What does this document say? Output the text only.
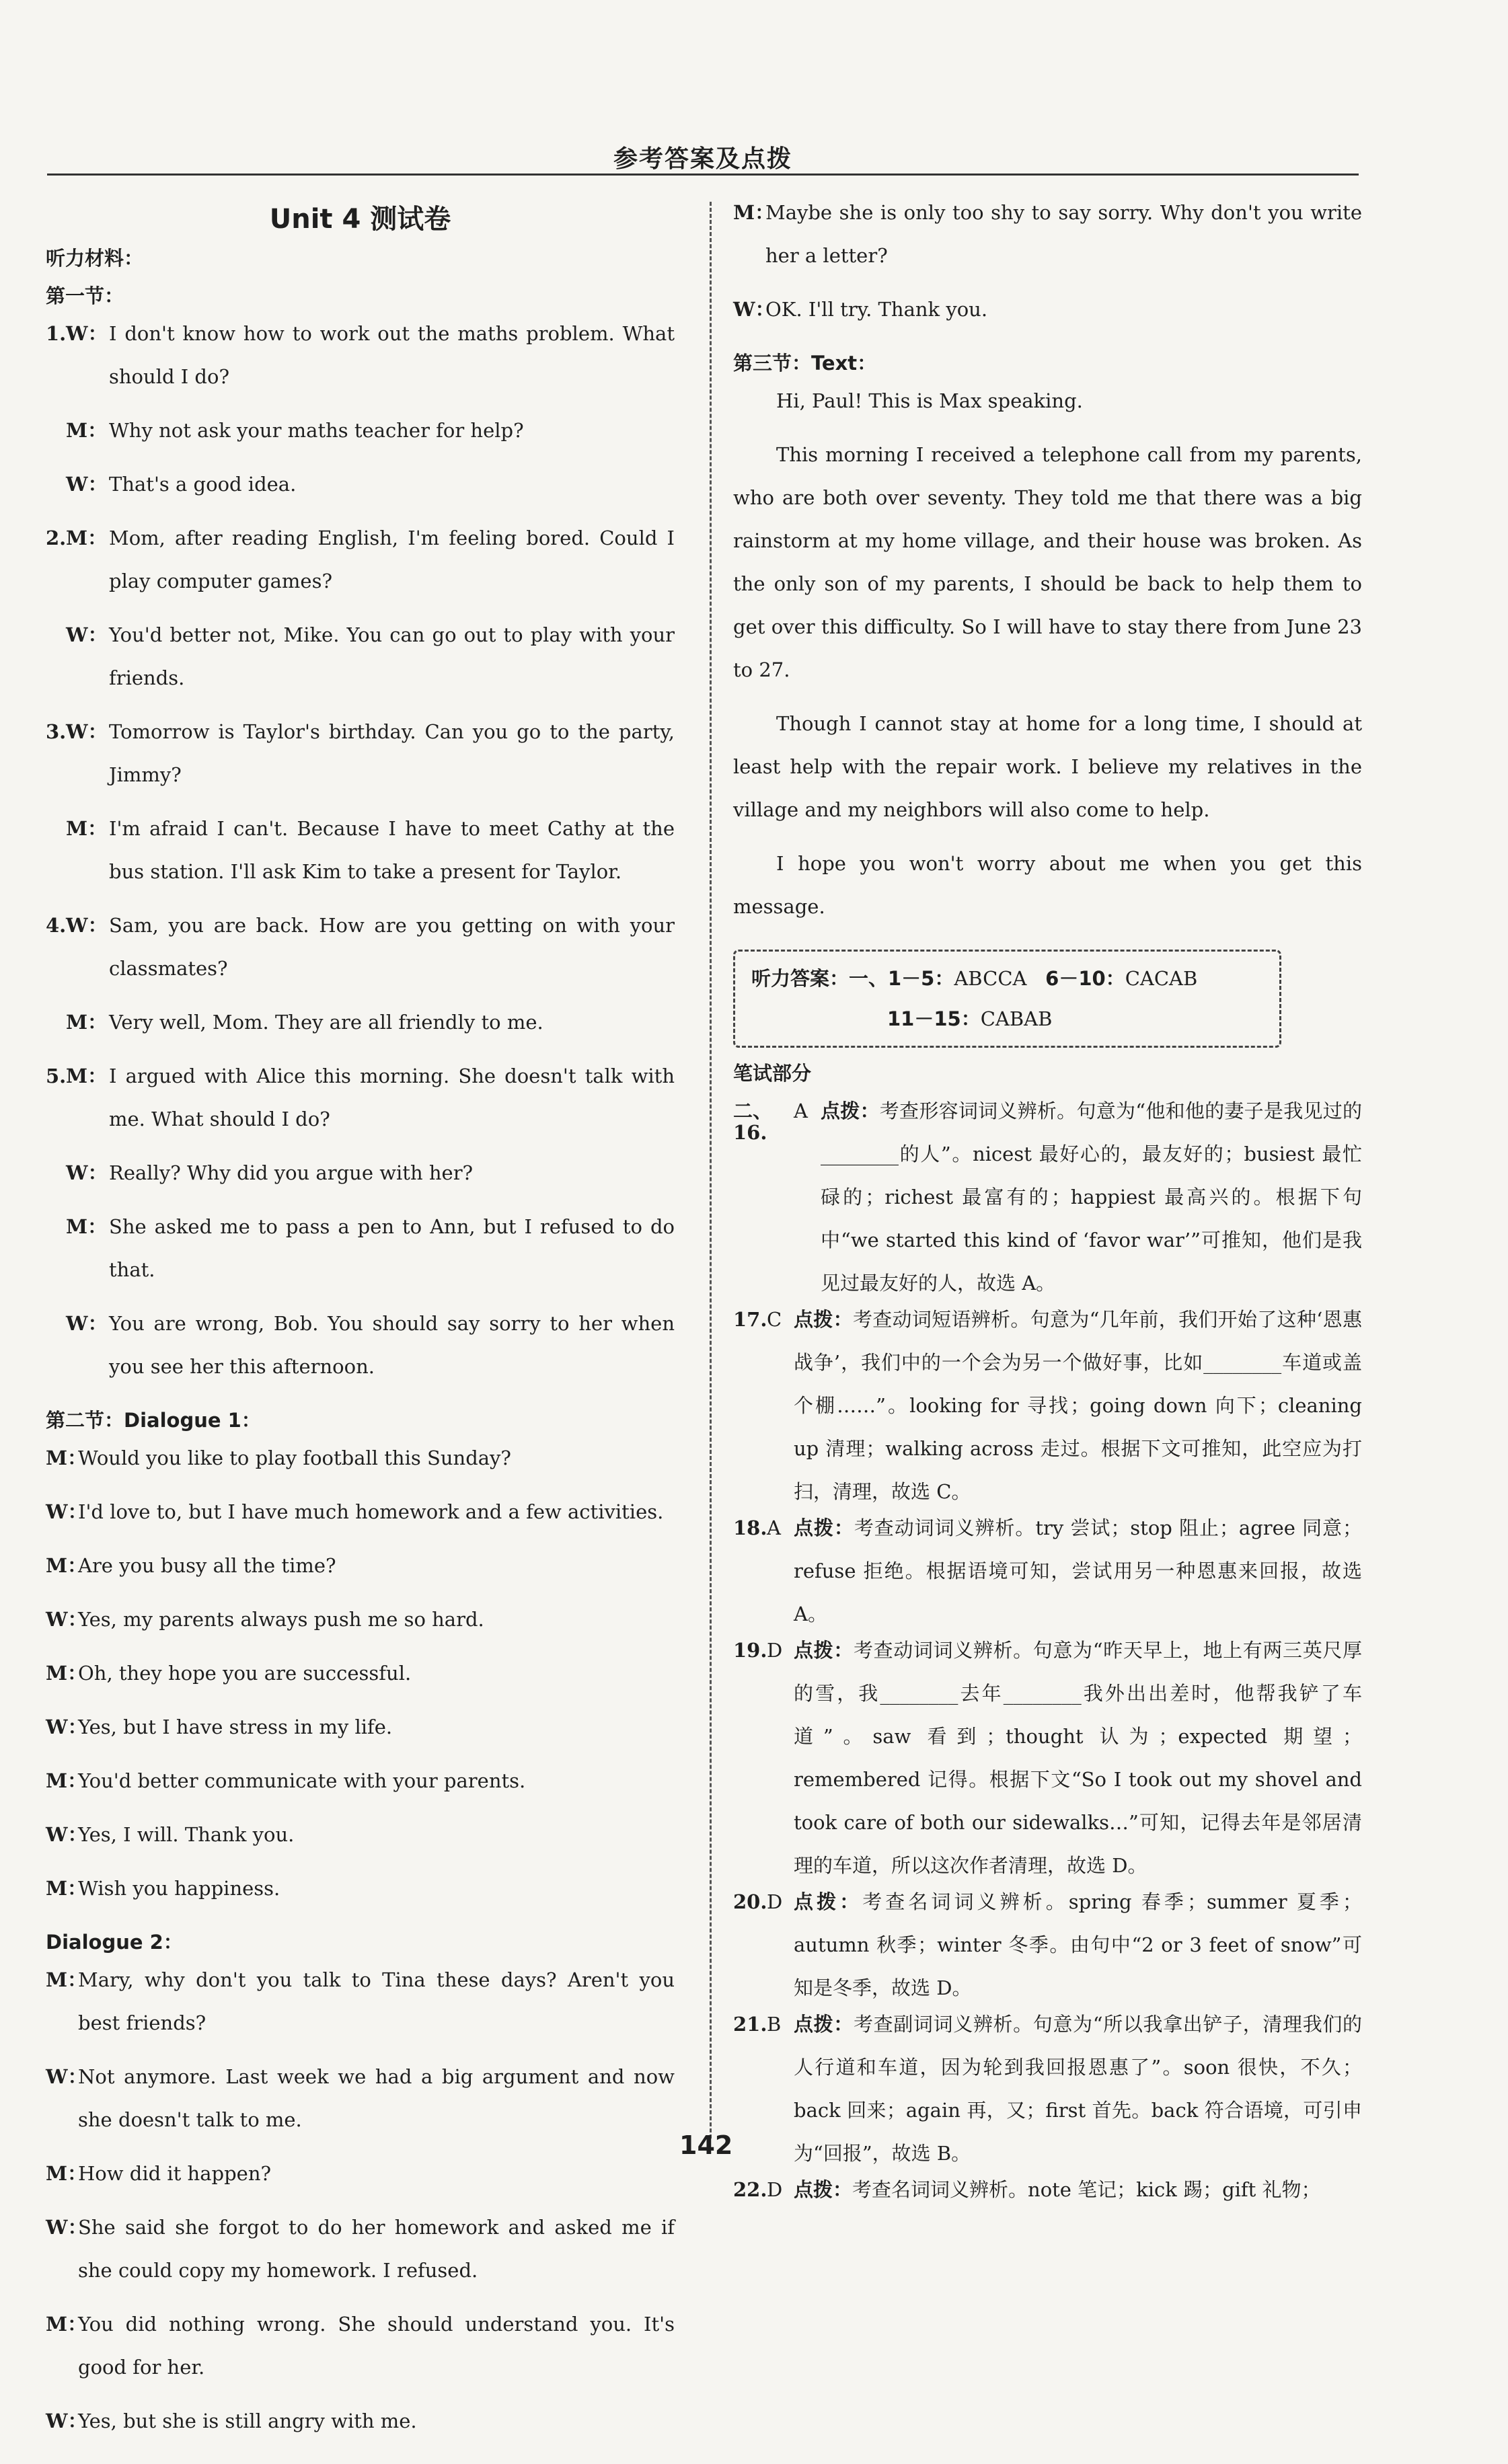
参考答案及点拨
Unit 4 测试卷
听力材料：
第一节：
1. W： I don't know how to work out the maths problem. What should I do?
M： Why not ask your maths teacher for help?
W： That's a good idea.
2. M： Mom, after reading English, I'm feeling bored. Could I play computer games?
W： You'd better not, Mike. You can go out to play with your friends.
3. W： Tomorrow is Taylor's birthday. Can you go to the party, Jimmy?
M： I'm afraid I can't. Because I have to meet Cathy at the bus station. I'll ask Kim to take a present for Taylor.
4. W： Sam, you are back. How are you getting on with your classmates?
M： Very well, Mom. They are all friendly to me.
5. M： I argued with Alice this morning. She doesn't talk with me. What should I do?
W： Really? Why did you argue with her?
M： She asked me to pass a pen to Ann, but I refused to do that.
W： You are wrong, Bob. You should say sorry to her when you see her this afternoon.
第二节：Dialogue 1：
M：
Would you like to play football this Sunday?
W：
I'd love to, but I have much homework and a few activities.
M：
Are you busy all the time?
W：
Yes, my parents always push me so hard.
M：
Oh, they hope you are successful.
W：
Yes, but I have stress in my life.
M：
You'd better communicate with your parents.
W：
Yes, I will. Thank you.
M：
Wish you happiness.
Dialogue 2：
M：
Mary, why don't you talk to Tina these days? Aren't you best friends?
W：
Not anymore. Last week we had a big argument and now she doesn't talk to me.
M：
How did it happen?
W：
She said she forgot to do her homework and asked me if she could copy my homework. I refused.
M：
You did nothing wrong. She should understand you. It's good for her.
W：
Yes, but she is still angry with me.
M：
Maybe she is only too shy to say sorry. Why don't you write her a letter?
W：
OK. I'll try. Thank you.
第三节：Text：

Hi, Paul! This is Max speaking.

This morning I received a telephone call from my parents, who are both over seventy. They told me that there was a big rainstorm at my home village, and their house was broken. As the only son of my parents, I should be back to help them to get over this difficulty. So I will have to stay there from June 23 to 27.

Though I cannot stay at home for a long time, I should at least help with the repair work. I believe my relatives in the village and my neighbors will also come to help.

I hope you won't worry about me when you get this message.

听力答案：一、1－5：ABCCA 6－10：CACAB
11－15：CABAB
笔试部分
二、16.
A 点拨：考查形容词词义辨析。句意为“他和他的妻子是我见过的________的人”。nicest 最好心的，最友好的；busiest 最忙碌的；richest 最富有的；happiest 最高兴的。根据下句中“we started this kind of ‘favor war’”可推知，他们是我见过最友好的人，故选 A。
17. C 点拨：考查动词短语辨析。句意为“几年前，我们开始了这种‘恩惠战争’，我们中的一个会为另一个做好事，比如________车道或盖个棚……”。looking for 寻找；going down 向下；cleaning up 清理；walking across 走过。根据下文可推知，此空应为打扫，清理，故选 C。
18. A 点拨：考查动词词义辨析。try 尝试；stop 阻止；agree 同意；refuse 拒绝。根据语境可知，尝试用另一种恩惠来回报，故选 A。
19. D 点拨：考查动词词义辨析。句意为“昨天早上，地上有两三英尺厚的雪，我________去年________我外出出差时，他帮我铲了车道”。saw 看到；thought 认为；expected 期望；remembered 记得。根据下文“So I took out my shovel and took care of both our sidewalks…”可知，记得去年是邻居清理的车道，所以这次作者清理，故选 D。
20. D 点拨：考查名词词义辨析。spring 春季；summer 夏季；autumn 秋季；winter 冬季。由句中“2 or 3 feet of snow”可知是冬季，故选 D。
21. B 点拨：考查副词词义辨析。句意为“所以我拿出铲子，清理我们的人行道和车道，因为轮到我回报恩惠了”。soon 很快，不久；back 回来；again 再，又；first 首先。back 符合语境，可引申为“回报”，故选 B。
22. D 点拨：考查名词词义辨析。note 笔记；kick 踢；gift 礼物；
142
